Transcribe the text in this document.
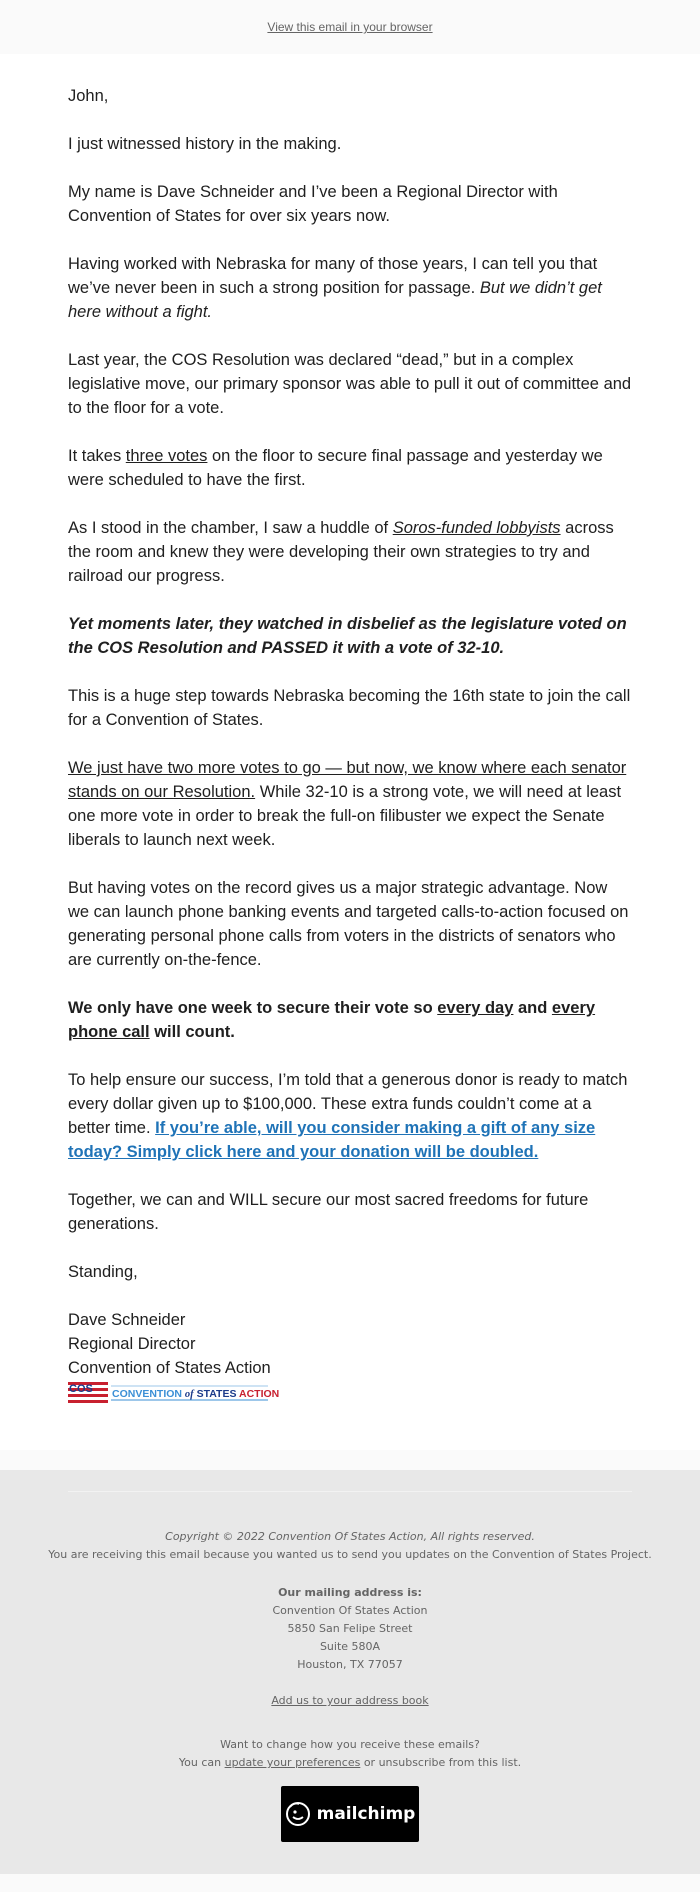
View this email in your browser

John,

I just witnessed history in the making.

My name is Dave Schneider and I’ve been a Regional Director with Convention of States for over six years now.

Having worked with Nebraska for many of those years, I can tell you that we’ve never been in such a strong position for passage. But we didn’t get here without a fight.

Last year, the COS Resolution was declared “dead,” but in a complex legislative move, our primary sponsor was able to pull it out of committee and to the floor for a vote.

It takes three votes on the floor to secure final passage and yesterday we were scheduled to have the first.

As I stood in the chamber, I saw a huddle of Soros-funded lobbyists across the room and knew they were developing their own strategies to try and railroad our progress.

Yet moments later, they watched in disbelief as the legislature voted on the COS Resolution and PASSED it with a vote of 32-10.

This is a huge step towards Nebraska becoming the 16th state to join the call for a Convention of States.

We just have two more votes to go — but now, we know where each senator stands on our Resolution. While 32-10 is a strong vote, we will need at least one more vote in order to break the full-on filibuster we expect the Senate liberals to launch next week.

But having votes on the record gives us a major strategic advantage. Now we can launch phone banking events and targeted calls-to-action focused on generating personal phone calls from voters in the districts of senators who are currently on-the-fence.

We only have one week to secure their vote so every day and every phone call will count.

To help ensure our success, I’m told that a generous donor is ready to match every dollar given up to $100,000. These extra funds couldn’t come at a better time. If you’re able, will you consider making a gift of any size today? Simply click here and your donation will be doubled.

Together, we can and WILL secure our most sacred freedoms for future generations.

Standing,

Dave Schneider

Regional Director

Convention of States Action

COS CONVENTION of STATES ACTION
Copyright © 2022 Convention Of States Action, All rights reserved.
You are receiving this email because you wanted us to send you updates on the Convention of States Project.
Our mailing address is:
Convention Of States Action
5850 San Felipe Street
Suite 580A
Houston, TX 77057
Add us to your address book
Want to change how you receive these emails?
You can update your preferences or unsubscribe from this list.
mailchimp
